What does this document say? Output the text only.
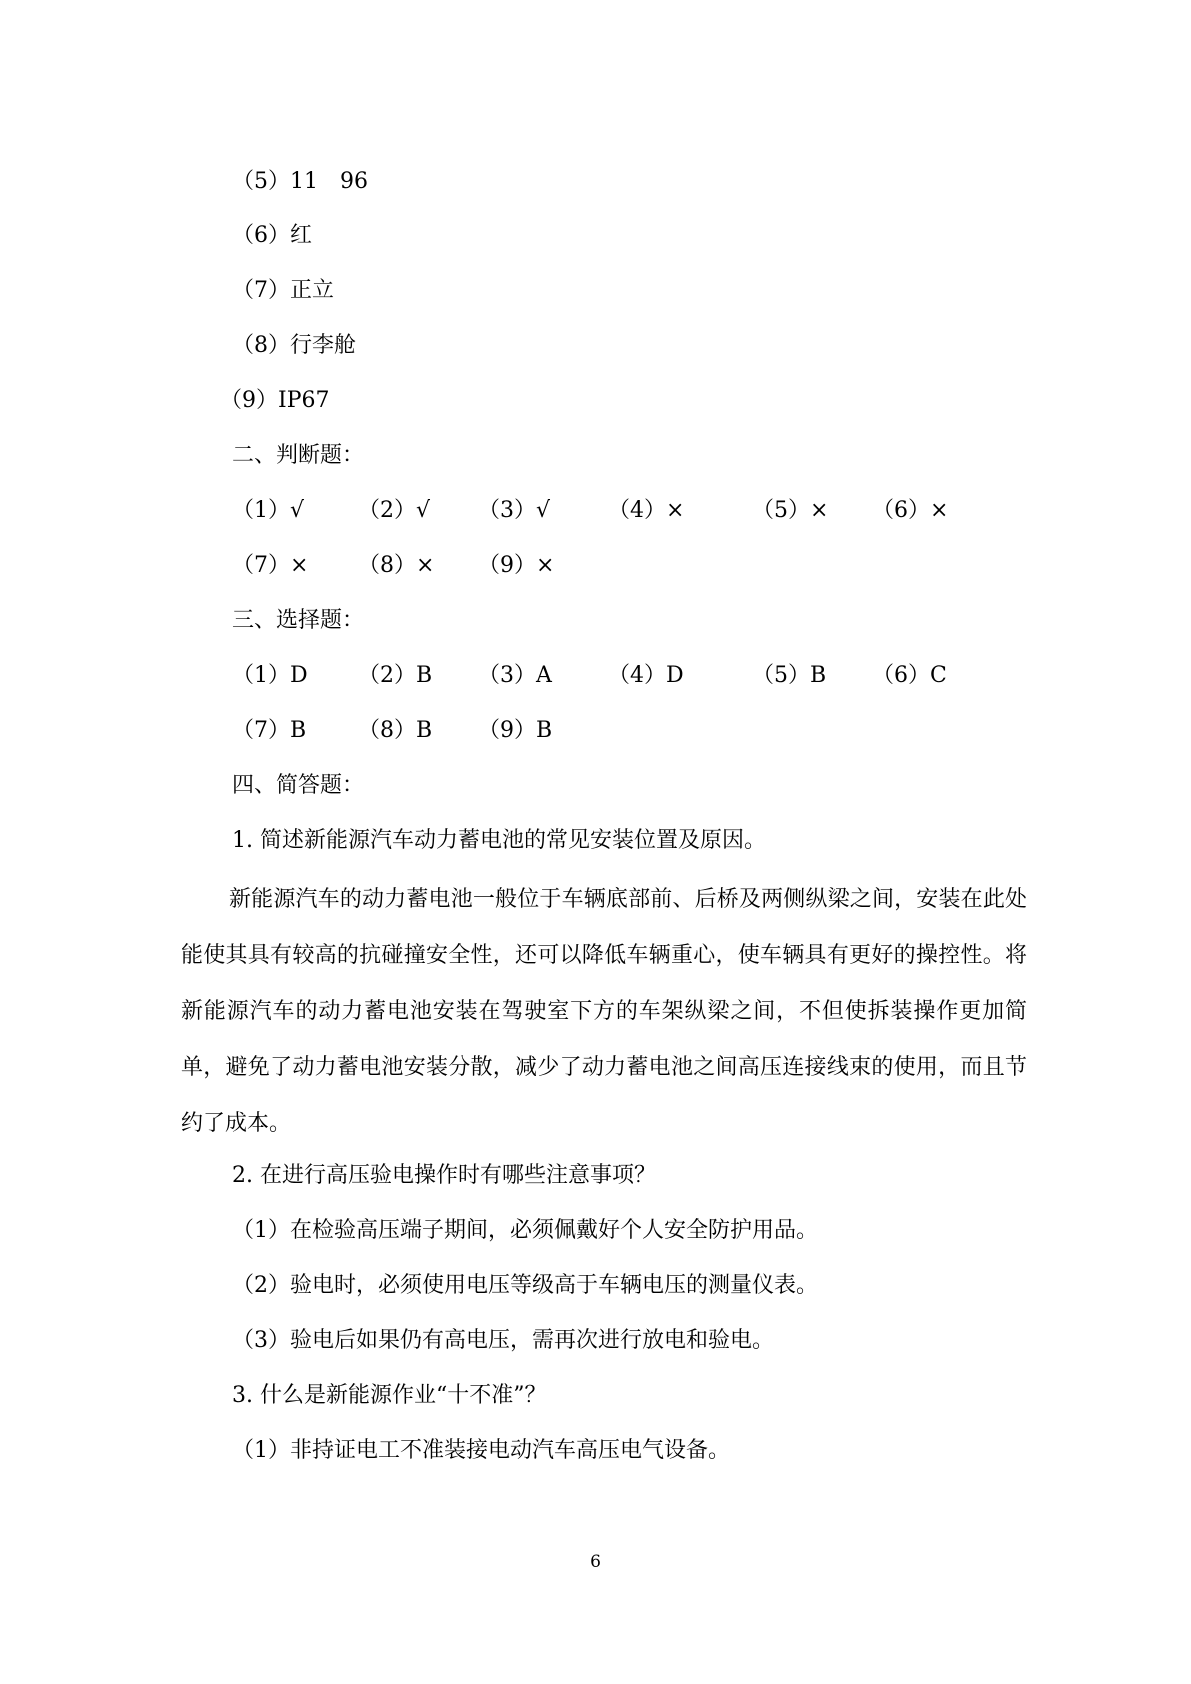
（5）11　96
（6）红
（7）正立
（8）行李舱
（9）IP67
二、判断题：
（1）√ （2）√ （3）√	（4）×	（5）× （6）×
（7）× （8）× （9）×
三、选择题：
（1）D （2）B （3）A	（4）D	（5）B （6）C
（7）B （8）B （9）B
四、简答题：
1. 简述新能源汽车动力蓄电池的常见安装位置及原因。
新能源汽车的动力蓄电池一般位于车辆底部前、后桥及两侧纵梁之间，安装在此处能使其具有较高的抗碰撞安全性，还可以降低车辆重心，使车辆具有更好的操控性。将新能源汽车的动力蓄电池安装在驾驶室下方的车架纵梁之间，不但使拆装操作更加简单，避免了动力蓄电池安装分散，减少了动力蓄电池之间高压连接线束的使用，而且节约了成本。
2. 在进行高压验电操作时有哪些注意事项？
（1）在检验高压端子期间，必须佩戴好个人安全防护用品。
（2）验电时，必须使用电压等级高于车辆电压的测量仪表。
（3）验电后如果仍有高电压，需再次进行放电和验电。
3. 什么是新能源作业“十不准”？
（1）非持证电工不准装接电动汽车高压电气设备。
6
